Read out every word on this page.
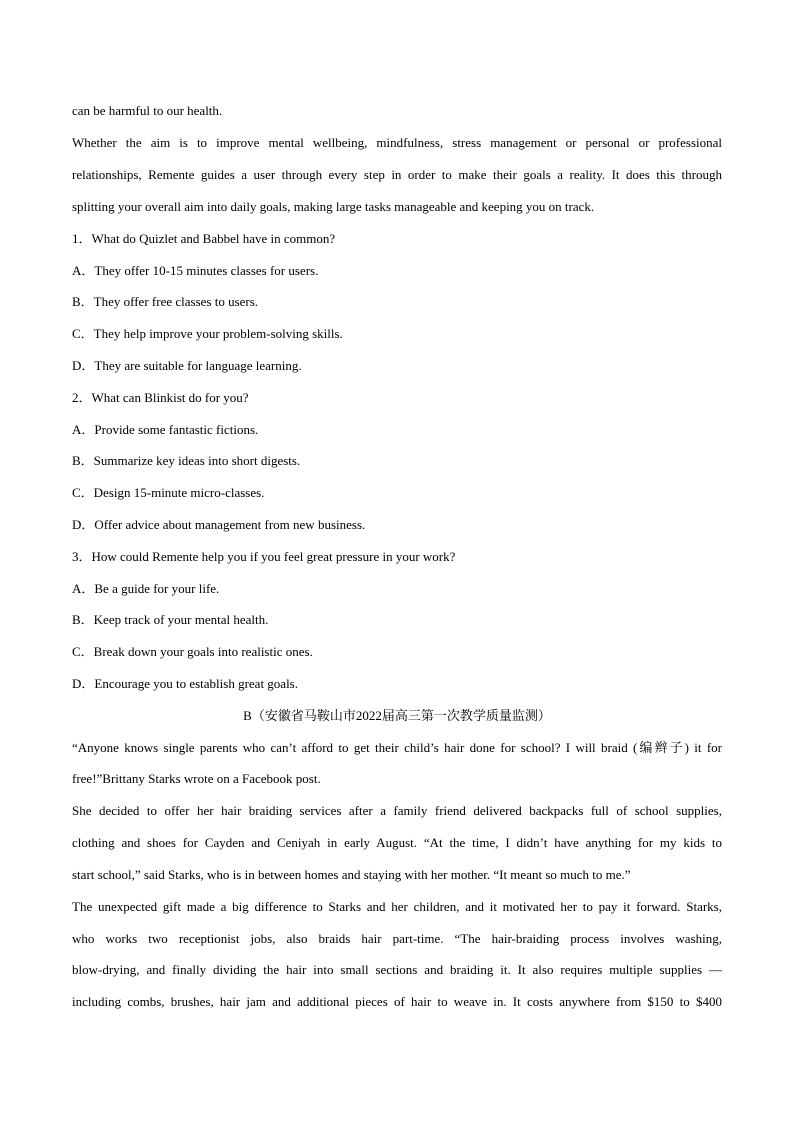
can be harmful to our health.
Whether the aim is to improve mental wellbeing, mindfulness, stress management or personal or professional
relationships, Remente guides a user through every step in order to make their goals a reality. It does this through
splitting your overall aim into daily goals, making large tasks manageable and keeping you on track.
1．What do Quizlet and Babbel have in common?
A．They offer 10-15 minutes classes for users.
B．They offer free classes to users.
C．They help improve your problem-solving skills.
D．They are suitable for language learning.
2．What can Blinkist do for you?
A．Provide some fantastic fictions.
B．Summarize key ideas into short digests.
C．Design 15-minute micro-classes.
D．Offer advice about management from new business.
3．How could Remente help you if you feel great pressure in your work?
A．Be a guide for your life.
B．Keep track of your mental health.
C．Break down your goals into realistic ones.
D．Encourage you to establish great goals.
B（安徽省马鞍山市2022届高三第一次教学质量监测）
“Anyone knows single parents who can’t afford to get their child’s hair done for school? I will braid (编辫子) it for
free!”Brittany Starks wrote on a Facebook post.
She decided to offer her hair braiding services after a family friend delivered backpacks full of school supplies,
clothing and shoes for Cayden and Ceniyah in early August. “At the time, I didn’t have anything for my kids to
start school,” said Starks, who is in between homes and staying with her mother. “It meant so much to me.”
The unexpected gift made a big difference to Starks and her children, and it motivated her to pay it forward. Starks,
who works two receptionist jobs, also braids hair part-time. “The hair-braiding process involves washing,
blow-drying, and finally dividing the hair into small sections and braiding it. It also requires multiple supplies —
including combs, brushes, hair jam and additional pieces of hair to weave in. It costs anywhere from $150 to $400
